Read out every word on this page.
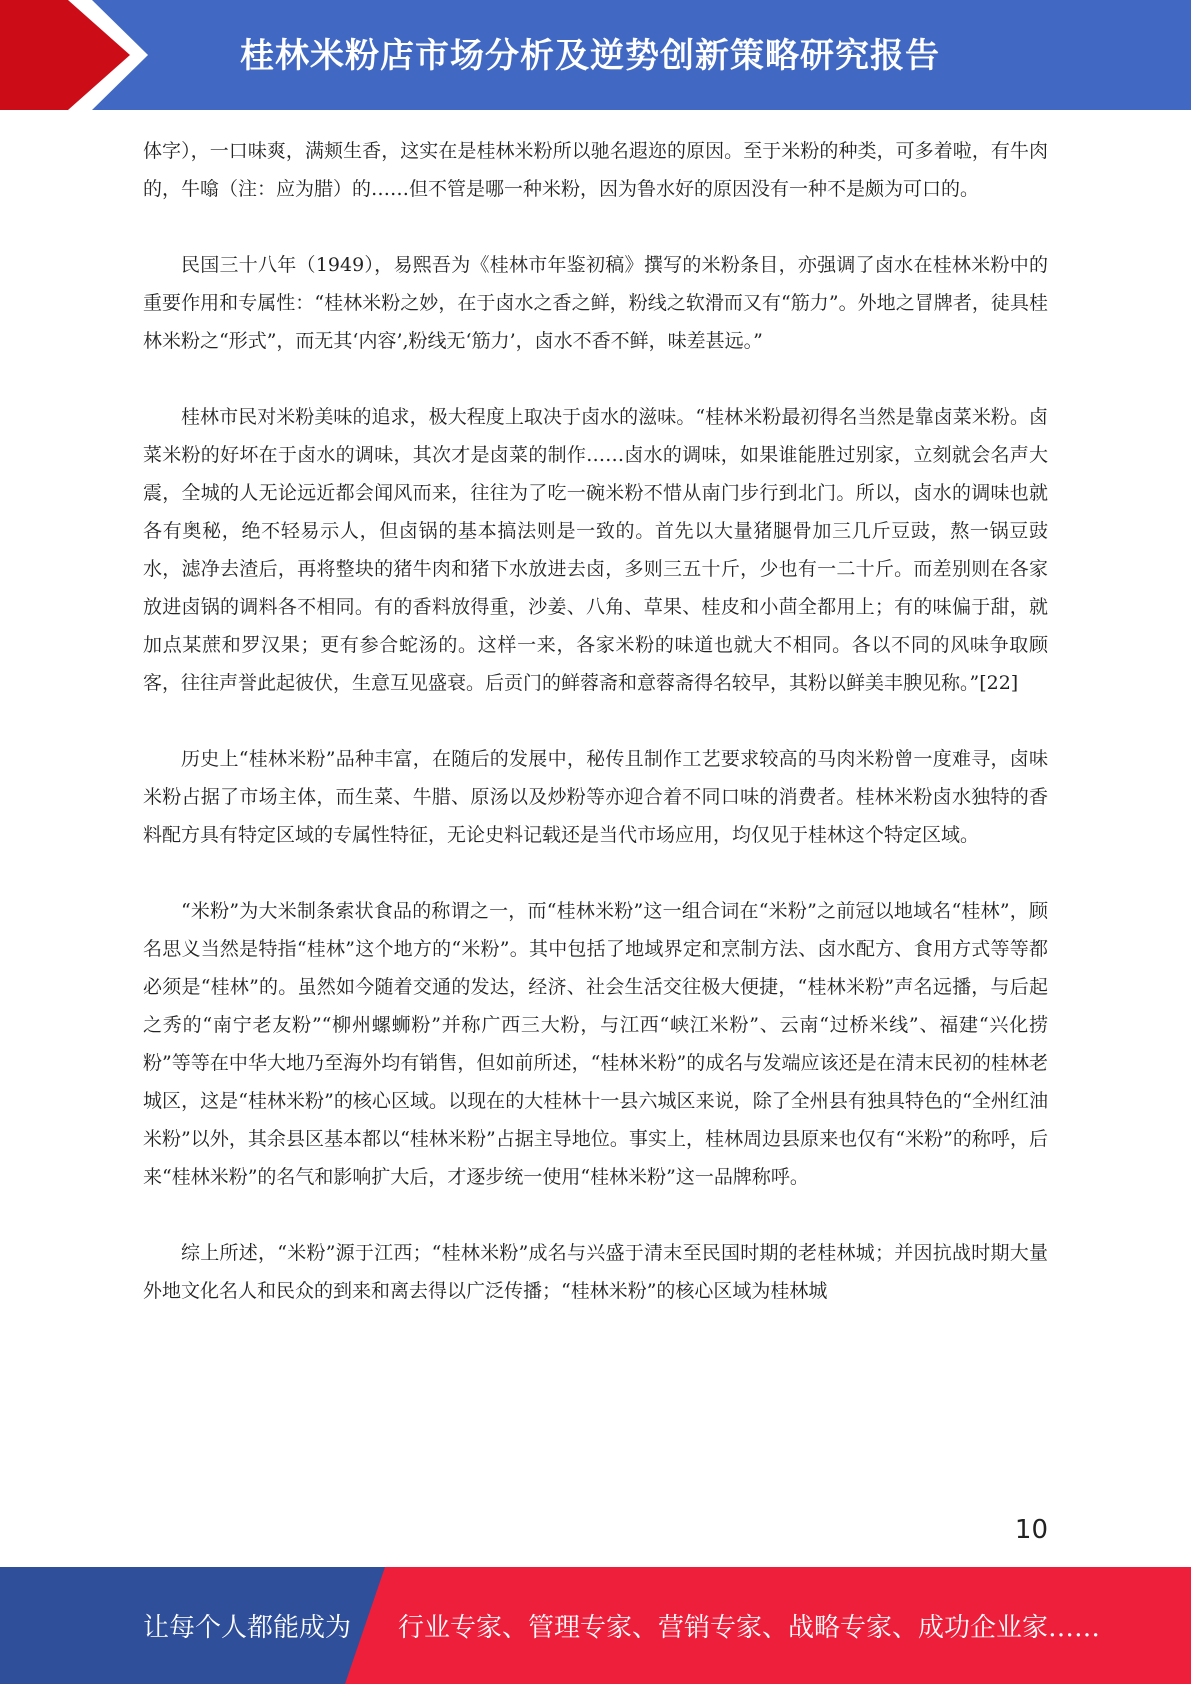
桂林米粉店市场分析及逆势创新策略研究报告

体字），一口味爽，满颊生香，这实在是桂林米粉所以驰名遐迩的原因。至于米粉的种类，可多着啦，有牛肉的，牛噏（注：应为腊）的……但不管是哪一种米粉，因为鲁水好的原因没有一种不是颇为可口的。

民国三十八年（1949），易熙吾为《桂林市年鉴初稿》撰写的米粉条目，亦强调了卤水在桂林米粉中的重要作用和专属性：“桂林米粉之妙，在于卤水之香之鲜，粉线之软滑而又有“筋力”。外地之冒牌者，徒具桂林米粉之“形式”，而无其‘内容’,粉线无‘筋力’，卤水不香不鲜，味差甚远。”

桂林市民对米粉美味的追求，极大程度上取决于卤水的滋味。“桂林米粉最初得名当然是靠卤菜米粉。卤菜米粉的好坏在于卤水的调味，其次才是卤菜的制作……卤水的调味，如果谁能胜过别家，立刻就会名声大震，全城的人无论远近都会闻风而来，往往为了吃一碗米粉不惜从南门步行到北门。所以，卤水的调味也就各有奥秘，绝不轻易示人，但卤锅的基本搞法则是一致的。首先以大量猪腿骨加三几斤豆豉，熬一锅豆豉水，滤净去渣后，再将整块的猪牛肉和猪下水放进去卤，多则三五十斤，少也有一二十斤。而差别则在各家放进卤锅的调料各不相同。有的香料放得重，沙姜、八角、草果、桂皮和小茴全都用上；有的味偏于甜，就加点某蔗和罗汉果；更有参合蛇汤的。这样一来，各家米粉的味道也就大不相同。各以不同的风味争取顾客，往往声誉此起彼伏，生意互见盛衰。后贡门的鲜蓉斋和意蓉斋得名较早，其粉以鲜美丰腴见称。”[22]

历史上“桂林米粉”品种丰富，在随后的发展中，秘传且制作工艺要求较高的马肉米粉曾一度难寻，卤味米粉占据了市场主体，而生菜、牛腊、原汤以及炒粉等亦迎合着不同口味的消费者。桂林米粉卤水独特的香料配方具有特定区域的专属性特征，无论史料记载还是当代市场应用，均仅见于桂林这个特定区域。

“米粉”为大米制条索状食品的称谓之一，而“桂林米粉”这一组合词在“米粉”之前冠以地域名“桂林”，顾名思义当然是特指“桂林”这个地方的“米粉”。其中包括了地域界定和烹制方法、卤水配方、食用方式等等都必须是“桂林”的。虽然如今随着交通的发达，经济、社会生活交往极大便捷，“桂林米粉”声名远播，与后起之秀的“南宁老友粉”“柳州螺蛳粉”并称广西三大粉，与江西“峡江米粉”、云南“过桥米线”、福建“兴化捞粉”等等在中华大地乃至海外均有销售，但如前所述，“桂林米粉”的成名与发端应该还是在清末民初的桂林老城区，这是“桂林米粉”的核心区域。以现在的大桂林十一县六城区来说，除了全州县有独具特色的“全州红油米粉”以外，其余县区基本都以“桂林米粉”占据主导地位。事实上，桂林周边县原来也仅有“米粉”的称呼，后来“桂林米粉”的名气和影响扩大后，才逐步统一使用“桂林米粉”这一品牌称呼。

综上所述，“米粉”源于江西；“桂林米粉”成名与兴盛于清末至民国时期的老桂林城；并因抗战时期大量外地文化名人和民众的到来和离去得以广泛传播；“桂林米粉”的核心区域为桂林城

10
让每个人都能成为 行业专家、管理专家、营销专家、战略专家、成功企业家……
